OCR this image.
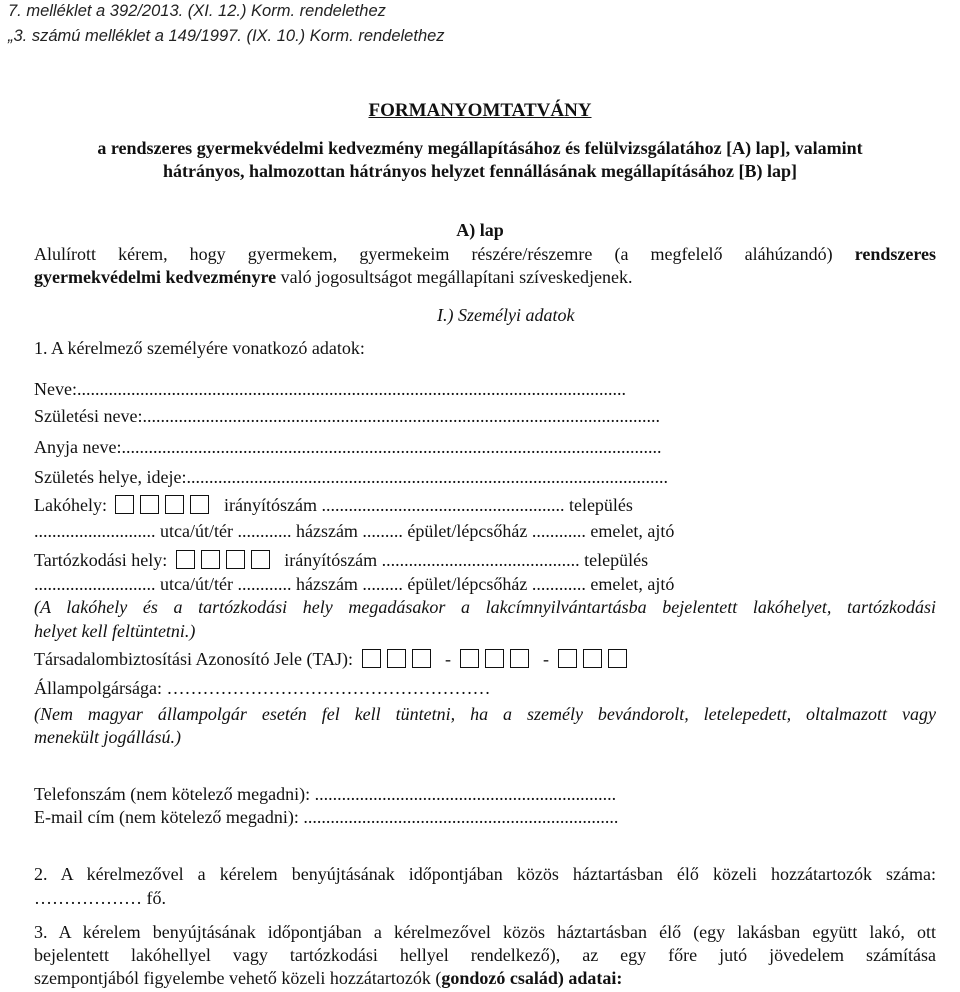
7. melléklet a 392/2013. (XI. 12.) Korm. rendelethez
„3. számú melléklet a 149/1997. (IX. 10.) Korm. rendelethez
FORMANYOMTATVÁNY
a rendszeres gyermekvédelmi kedvezmény megállapításához és felülvizsgálatához [A) lap], valamint
hátrányos, halmozottan hátrányos helyzet fennállásának megállapításához [B) lap]
A) lap
Alulírott kérem, hogy gyermekem, gyermekeim részére/részemre (a megfelelő aláhúzandó) rendszeres
gyermekvédelmi kedvezményre való jogosultságot megállapítani szíveskedjenek.
I.) Személyi adatok
1. A kérelmező személyére vonatkozó adatok:
Neve:..........................................................................................................................
Születési neve:...................................................................................................................
Anyja neve:........................................................................................................................
Születés helye, ideje:...........................................................................................................
Lakóhely:	irányítószám ...................................................... település
........................... utca/út/tér ............ házszám ......... épület/lépcsőház ............ emelet, ajtó
Tartózkodási hely:	irányítószám ............................................ település
........................... utca/út/tér ............ házszám ......... épület/lépcsőház ............ emelet, ajtó
(A lakóhely és a tartózkodási hely megadásakor a lakcímnyilvántartásba bejelentett lakóhelyet, tartózkodási
helyet kell feltüntetni.)
Társadalombiztosítási Azonosító Jele (TAJ):	-	-
Állampolgársága: ………………………………………………
(Nem magyar állampolgár esetén fel kell tüntetni, ha a személy bevándorolt, letelepedett, oltalmazott vagy
menekült jogállású.)
Telefonszám (nem kötelező megadni): ...................................................................
E-mail cím (nem kötelező megadni): ......................................................................
2. A kérelmezővel a kérelem benyújtásának időpontjában közös háztartásban élő közeli hozzátartozók száma:
……………… fő.
3. A kérelem benyújtásának időpontjában a kérelmezővel közös háztartásban élő (egy lakásban együtt lakó, ott
bejelentett lakóhellyel vagy tartózkodási hellyel rendelkező), az egy főre jutó jövedelem számítása
szempontjából figyelembe vehető közeli hozzátartozók (gondozó család) adatai:
